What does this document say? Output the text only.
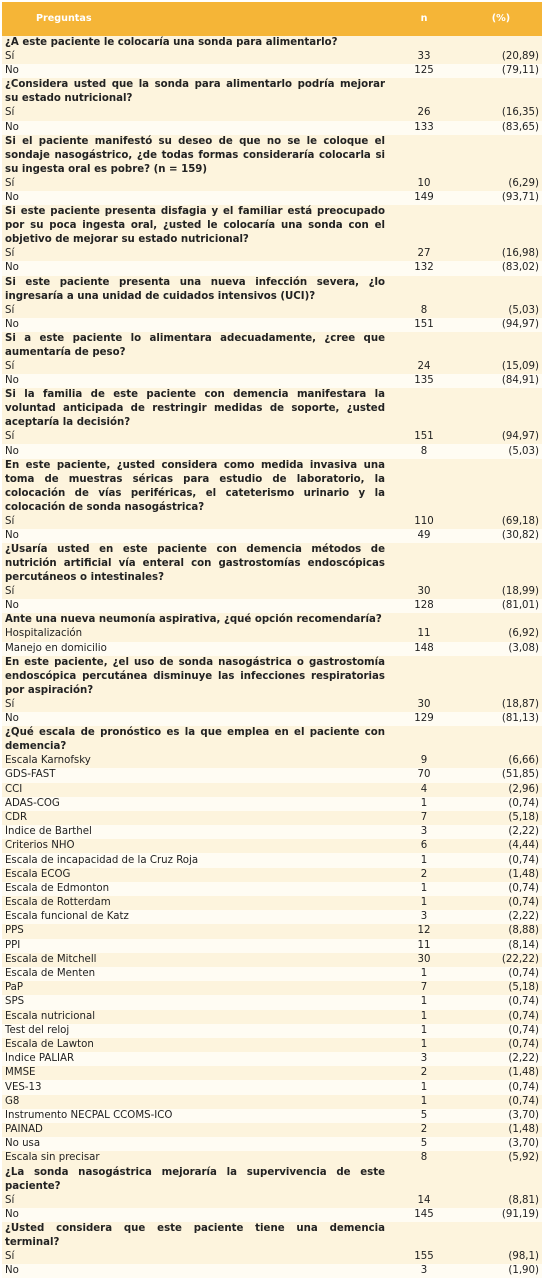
Preguntas	n	(%)
¿A este paciente le colocaría una sonda para alimentarlo?		
Sí	33	(20,89)
No	125	(79,11)
¿Considera usted que la sonda para alimentarlo podría mejorar su estado nutricional?		
Sí	26	(16,35)
No	133	(83,65)
Si el paciente manifestó su deseo de que no se le coloque el sondaje nasogástrico, ¿de todas formas consideraría colocarla si su ingesta oral es pobre? (n = 159)		
Sí	10	(6,29)
No	149	(93,71)
Si este paciente presenta disfagia y el familiar está preocupado por su poca ingesta oral, ¿usted le colocaría una sonda con el objetivo de mejorar su estado nutricional?		
Sí	27	(16,98)
No	132	(83,02)
Si este paciente presenta una nueva infección severa, ¿lo ingresaría a una unidad de cuidados intensivos (UCI)?		
Sí	8	(5,03)
No	151	(94,97)
Si a este paciente lo alimentara adecuadamente, ¿cree que aumentaría de peso?		
Sí	24	(15,09)
No	135	(84,91)
Si la familia de este paciente con demencia manifestara la voluntad anticipada de restringir medidas de soporte, ¿usted aceptaría la decisión?		
Sí	151	(94,97)
No	8	(5,03)
En este paciente, ¿usted considera como medida invasiva una toma de muestras séricas para estudio de laboratorio, la colocación de vías periféricas, el cateterismo urinario y la colocación de sonda nasogástrica?		
Sí	110	(69,18)
No	49	(30,82)
¿Usaría usted en este paciente con demencia métodos de nutrición artificial vía enteral con gastrostomías endoscópicas percutáneos o intestinales?		
Sí	30	(18,99)
No	128	(81,01)
Ante una nueva neumonía aspirativa, ¿qué opción recomendaría?		
Hospitalización	11	(6,92)
Manejo en domicilio	148	(3,08)
En este paciente, ¿el uso de sonda nasogástrica o gastrostomía endoscópica percutánea disminuye las infecciones respiratorias por aspiración?		
Sí	30	(18,87)
No	129	(81,13)
¿Qué escala de pronóstico es la que emplea en el paciente con demencia?		
Escala Karnofsky	9	(6,66)
GDS-FAST	70	(51,85)
CCI	4	(2,96)
ADAS-COG	1	(0,74)
CDR	7	(5,18)
Índice de Barthel	3	(2,22)
Criterios NHO	6	(4,44)
Escala de incapacidad de la Cruz Roja	1	(0,74)
Escala ECOG	2	(1,48)
Escala de Edmonton	1	(0,74)
Escala de Rotterdam	1	(0,74)
Escala funcional de Katz	3	(2,22)
PPS	12	(8,88)
PPI	11	(8,14)
Escala de Mitchell	30	(22,22)
Escala de Menten	1	(0,74)
PaP	7	(5,18)
SPS	1	(0,74)
Escala nutricional	1	(0,74)
Test del reloj	1	(0,74)
Escala de Lawton	1	(0,74)
Índice PALIAR	3	(2,22)
MMSE	2	(1,48)
VES-13	1	(0,74)
G8	1	(0,74)
Instrumento NECPAL CCOMS-ICO	5	(3,70)
PAINAD	2	(1,48)
No usa	5	(3,70)
Escala sin precisar	8	(5,92)
¿La sonda nasogástrica mejoraría la supervivencia de este paciente?		
Sí	14	(8,81)
No	145	(91,19)
¿Usted considera que este paciente tiene una demencia terminal?		
Sí	155	(98,1)
No	3	(1,90)
